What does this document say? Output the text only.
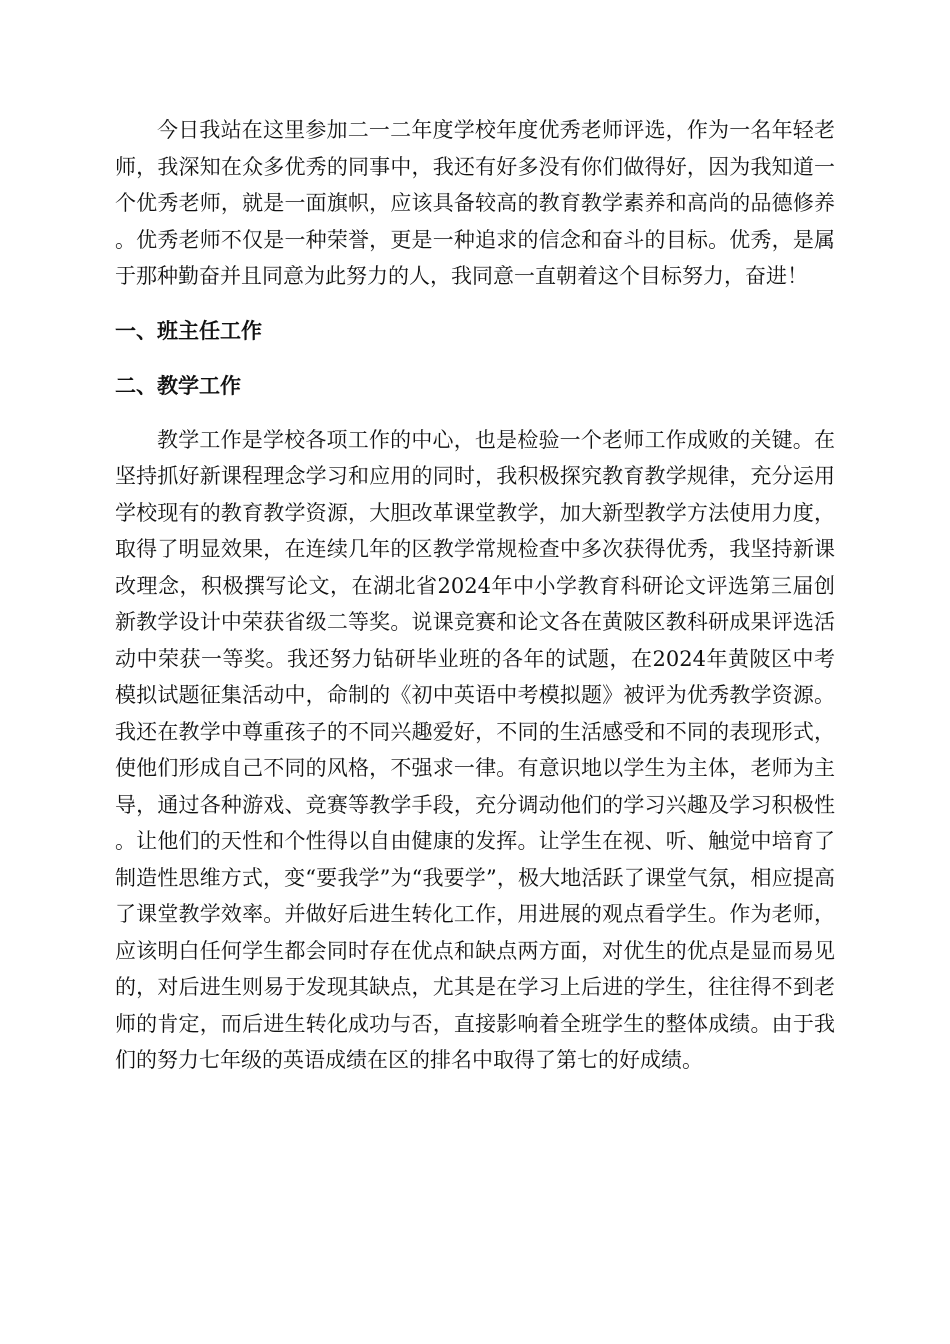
今日我站在这里参加二一二年度学校年度优秀老师评选，作为一名年轻老师，我深知在众多优秀的同事中，我还有好多没有你们做得好，因为我知道一个优秀老师，就是一面旗帜，应该具备较高的教育教学素养和高尚的品德修养。优秀老师不仅是一种荣誉，更是一种追求的信念和奋斗的目标。优秀，是属于那种勤奋并且同意为此努力的人，我同意一直朝着这个目标努力，奋进！

一、班主任工作
二、教学工作

教学工作是学校各项工作的中心，也是检验一个老师工作成败的关键。在坚持抓好新课程理念学习和应用的同时，我积极探究教育教学规律，充分运用学校现有的教育教学资源，大胆改革课堂教学，加大新型教学方法使用力度，取得了明显效果，在连续几年的区教学常规检查中多次获得优秀，我坚持新课改理念，积极撰写论文，在湖北省2024年中小学教育科研论文评选第三届创新教学设计中荣获省级二等奖。说课竞赛和论文各在黄陂区教科研成果评选活动中荣获一等奖。我还努力钻研毕业班的各年的试题，在2024年黄陂区中考模拟试题征集活动中，命制的《初中英语中考模拟题》被评为优秀教学资源。我还在教学中尊重孩子的不同兴趣爱好，不同的生活感受和不同的表现形式，使他们形成自己不同的风格，不强求一律。有意识地以学生为主体，老师为主导，通过各种游戏、竞赛等教学手段，充分调动他们的学习兴趣及学习积极性。让他们的天性和个性得以自由健康的发挥。让学生在视、听、触觉中培育了制造性思维方式，变“要我学”为“我要学”，极大地活跃了课堂气氛，相应提高了课堂教学效率。并做好后进生转化工作，用进展的观点看学生。作为老师，应该明白任何学生都会同时存在优点和缺点两方面，对优生的优点是显而易见的，对后进生则易于发现其缺点，尤其是在学习上后进的学生，往往得不到老师的肯定，而后进生转化成功与否，直接影响着全班学生的整体成绩。由于我们的努力七年级的英语成绩在区的排名中取得了第七的好成绩。
